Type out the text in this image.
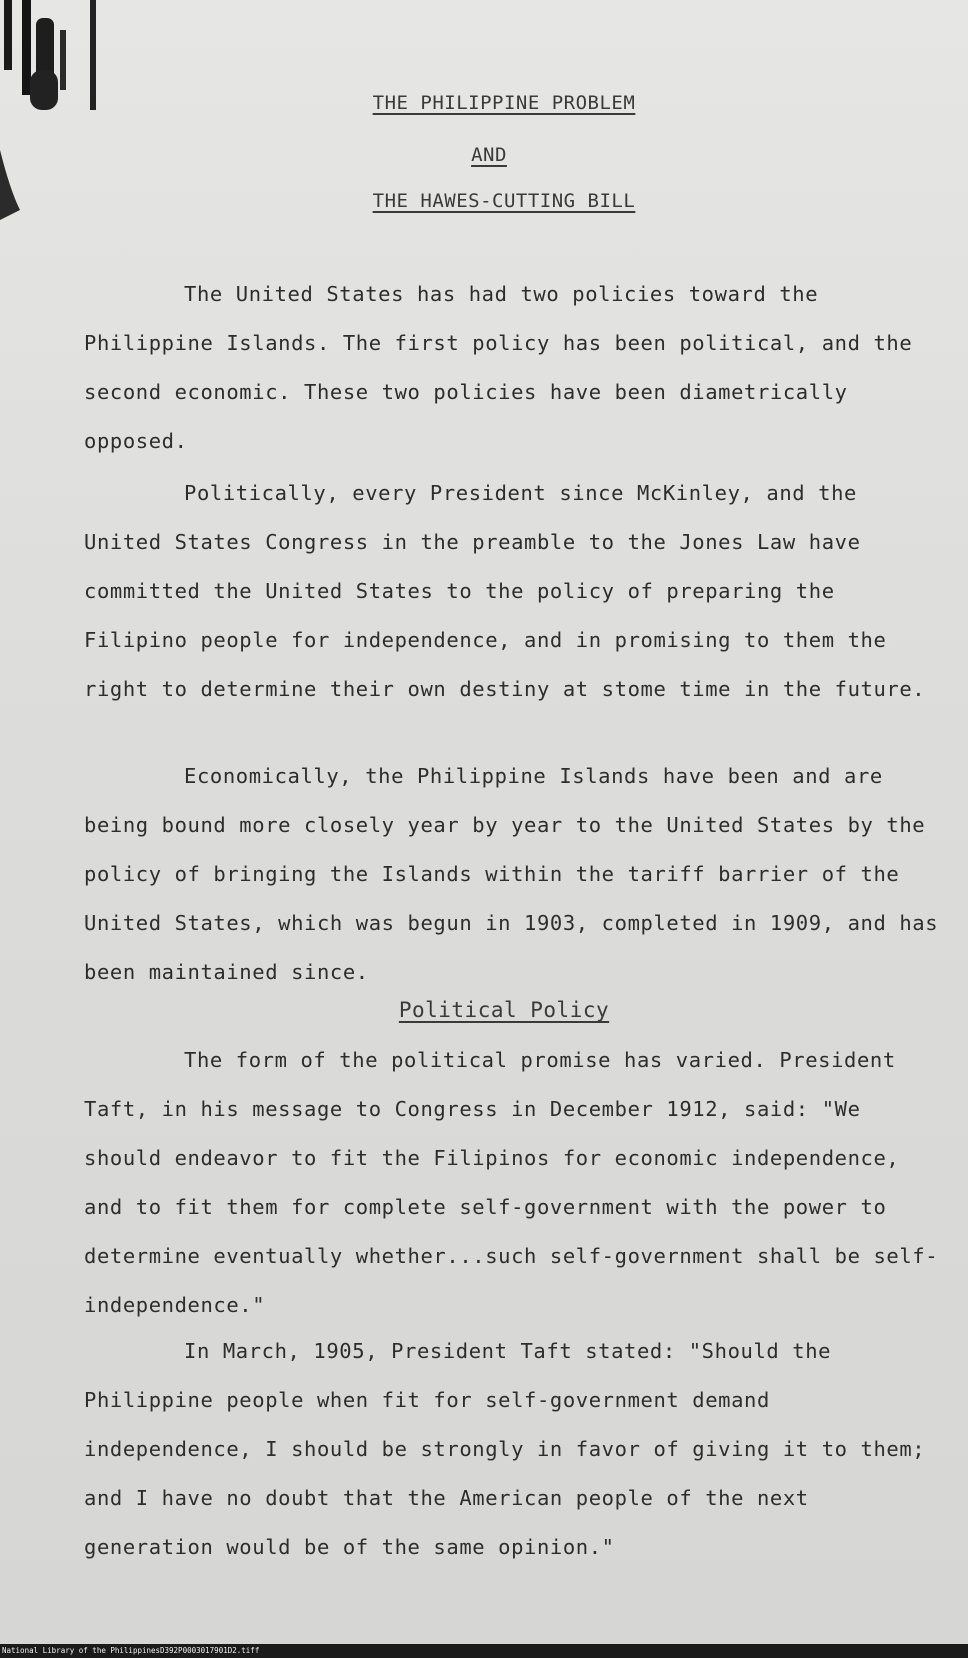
THE PHILIPPINE PROBLEM
AND
THE HAWES-CUTTING BILL

The United States has had two policies toward the Philippine Islands. The first policy has been political, and the second economic. These two policies have been diametrically opposed.

Politically, every President since McKinley, and the United States Congress in the preamble to the Jones Law have committed the United States to the policy of preparing the Filipino people for independence, and in promising to them the right to determine their own destiny at stome time in the future.

Economically, the Philippine Islands have been and are being bound more closely year by year to the United States by the policy of bringing the Islands within the tariff barrier of the United States, which was begun in 1903, completed in 1909, and has been maintained since.

Political Policy

The form of the political promise has varied. President Taft, in his message to Congress in December 1912, said: "We should endeavor to fit the Filipinos for economic independence, and to fit them for complete self-government with the power to determine eventually whether...such self-government shall be self-independence."

In March, 1905, President Taft stated: "Should the Philippine people when fit for self-government demand independence, I should be strongly in favor of giving it to them; and I have no doubt that the American people of the next generation would be of the same opinion."

National Library of the Philippines D392P0003017901D2.tiff
